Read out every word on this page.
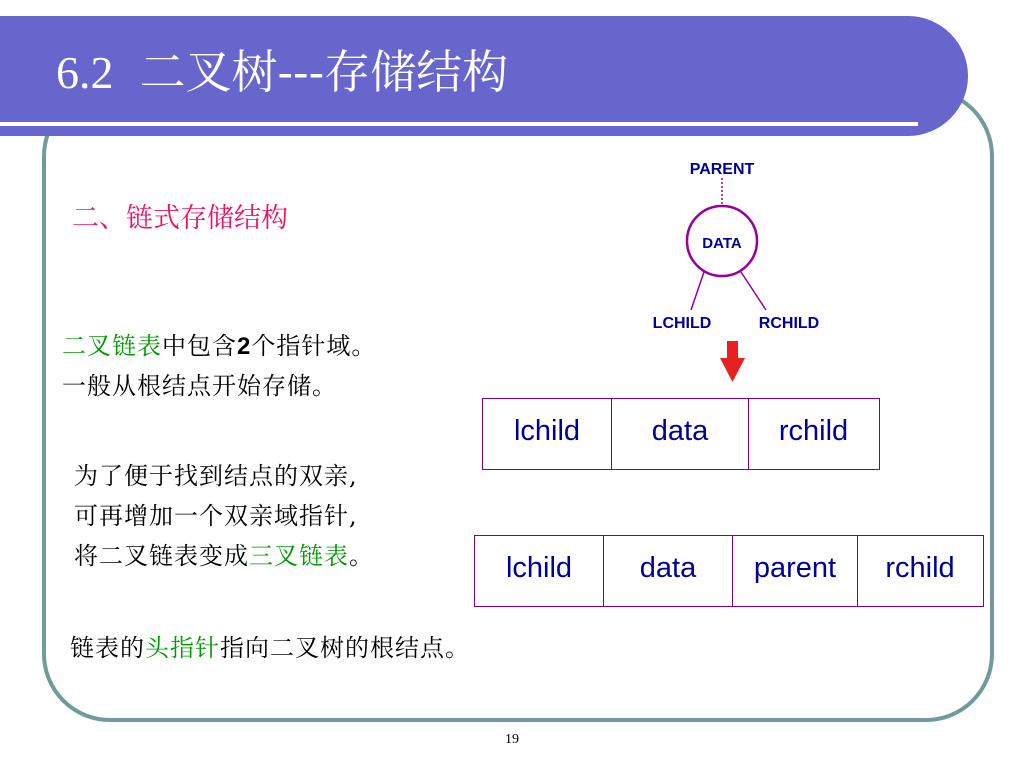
6.2 二叉树---存储结构
二、链式存储结构
二叉链表中包含2个指针域。
一般从根结点开始存储。
为了便于找到结点的双亲,
可再增加一个双亲域指针,
将二叉链表变成三叉链表。
链表的头指针指向二叉树的根结点。
PARENT
DATA
LCHILD	RCHILD
lchild	data	rchild
lchild	data	parent	rchild
19
